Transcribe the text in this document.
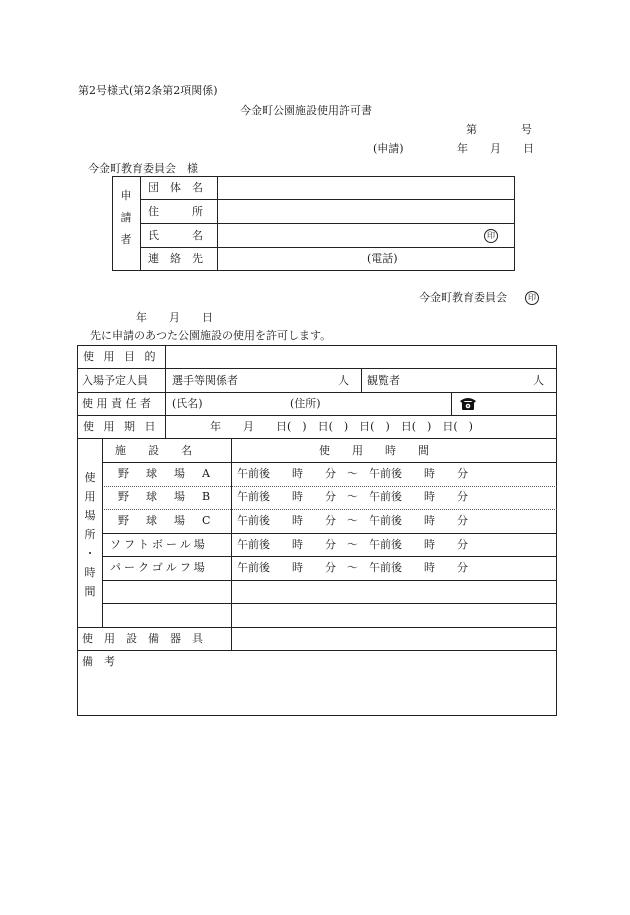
第2号様式(第2条第2項関係)
今金町公園施設使用許可書
第　　　　号
(申請)	年　　月　　日
今金町教育委員会　様
申
請
者
団　体　名
住　　　所
氏　　　名
連　絡　先	(電話)
印
今金町教育委員会	印
年　　月　　日
先に申請のあつた公園施設の使用を許可します。
使 用 目 的
入場予定人員 選手等関係者	人 観覧者	人
使 用 責 任 者 (氏名)	(住所)
使 用 期 日	年　　月　　日(　)　日(　)　日(　)　日(　)　日(　)
使
用
場
所
・
時
間
施　　設　　名	使　　用　　時　　間
野　球　場　A 午前後　　時　　分　～　午前後　　時　　分
野　球　場　B 午前後　　時　　分　～　午前後　　時　　分
野　球　場　C 午前後　　時　　分　～　午前後　　時　　分
ソフトボール場	午前後　　時　　分　～　午前後　　時　　分
パークゴルフ場	午前後　　時　　分　～　午前後　　時　　分
使　用　設　備　器　具
備　考
